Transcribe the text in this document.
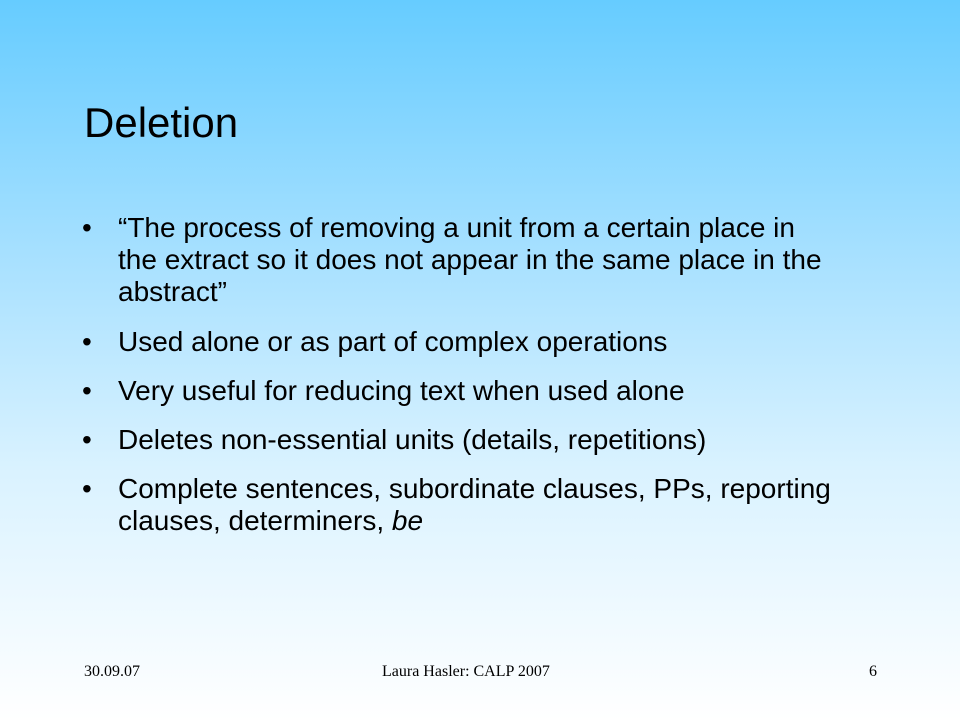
Deletion
• “The process of removing a unit from a certain place in the extract so it does not appear in the same place in the abstract”
• Used alone or as part of complex operations
• Very useful for reducing text when used alone
• Deletes non-essential units (details, repetitions)
• Complete sentences, subordinate clauses, PPs, reporting clauses, determiners, be
30.09.07	Laura Hasler: CALP 2007	6
